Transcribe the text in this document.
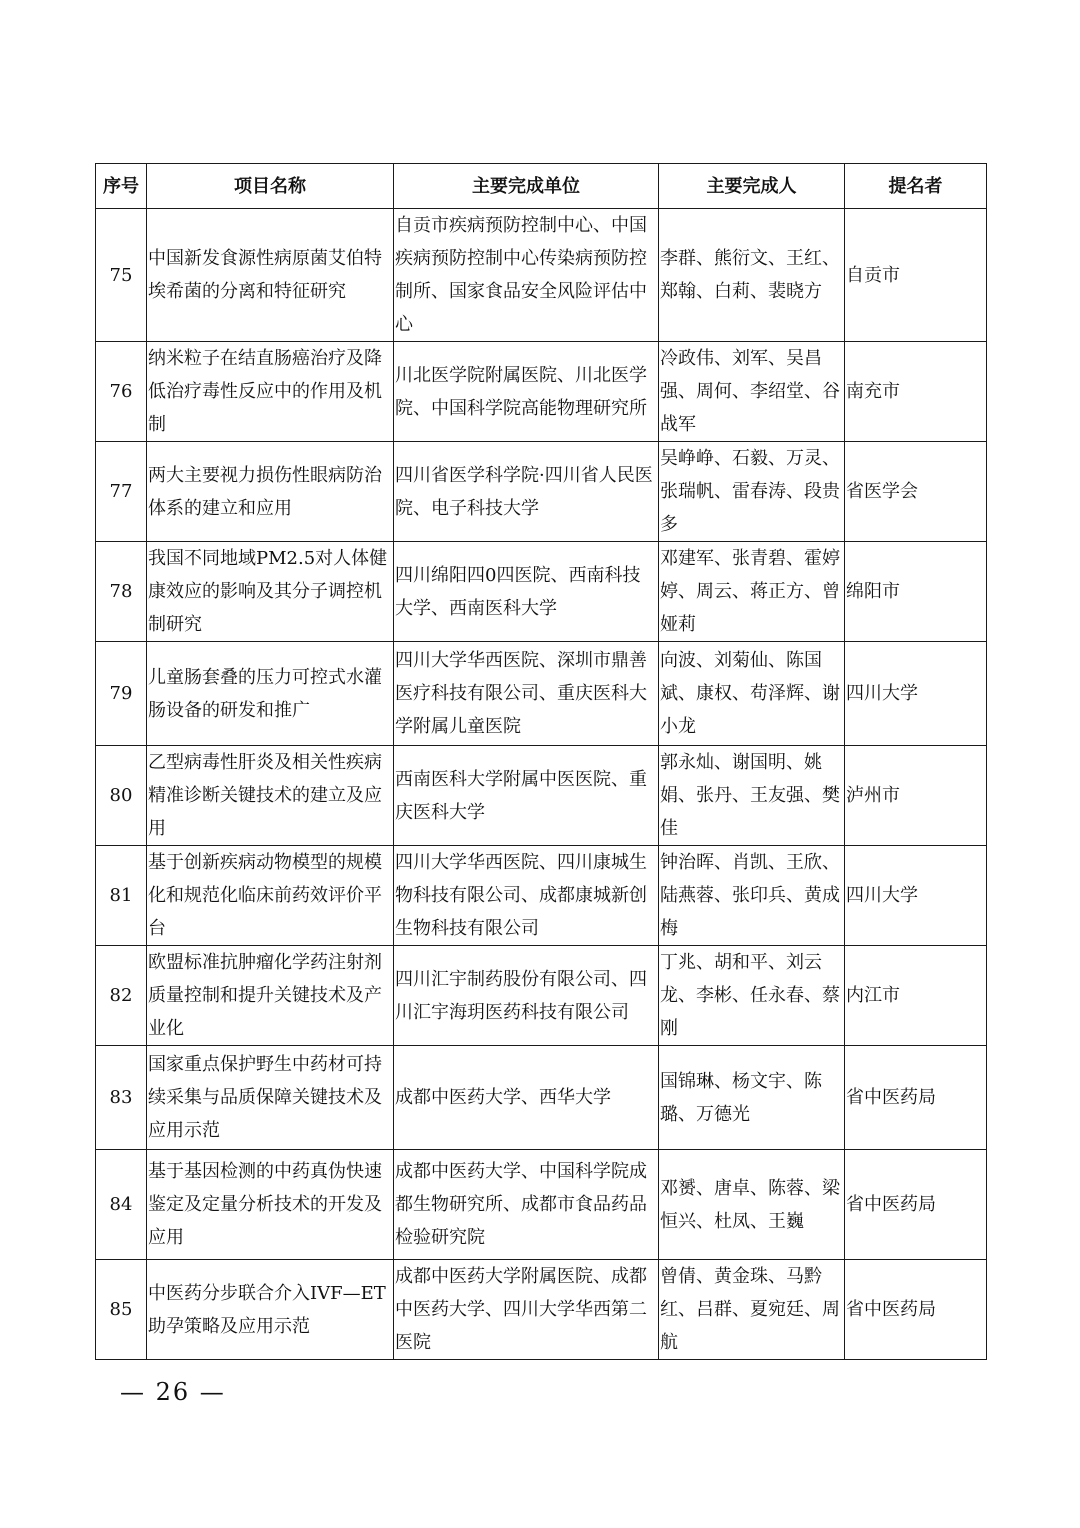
序号	项目名称	主要完成单位	主要完成人	提名者
75	中国新发食源性病原菌艾伯特埃希菌的分离和特征研究	自贡市疾病预防控制中心、中国疾病预防控制中心传染病预防控制所、国家食品安全风险评估中心	李群、熊衍文、王红、郑翰、白莉、裴晓方	自贡市
76	纳米粒子在结直肠癌治疗及降低治疗毒性反应中的作用及机制	川北医学院附属医院、川北医学院、中国科学院高能物理研究所	冷政伟、刘军、吴昌强、周何、李绍堂、谷战军	南充市
77	两大主要视力损伤性眼病防治体系的建立和应用	四川省医学科学院·四川省人民医院、电子科技大学	吴峥峥、石毅、万灵、张瑞帆、雷春涛、段贵多	省医学会
78	我国不同地域PM2.5对人体健康效应的影响及其分子调控机制研究	四川绵阳四0四医院、西南科技大学、西南医科大学	邓建军、张青碧、霍婷婷、周云、蒋正方、曾娅莉	绵阳市
79	儿童肠套叠的压力可控式水灌肠设备的研发和推广	四川大学华西医院、深圳市鼎善医疗科技有限公司、重庆医科大学附属儿童医院	向波、刘菊仙、陈国斌、康权、苟泽辉、谢小龙	四川大学
80	乙型病毒性肝炎及相关性疾病精准诊断关键技术的建立及应用	西南医科大学附属中医医院、重庆医科大学	郭永灿、谢国明、姚娟、张丹、王友强、樊佳	泸州市
81	基于创新疾病动物模型的规模化和规范化临床前药效评价平台	四川大学华西医院、四川康城生物科技有限公司、成都康城新创生物科技有限公司	钟治晖、肖凯、王欣、陆燕蓉、张印兵、黄成梅	四川大学
82	欧盟标准抗肿瘤化学药注射剂质量控制和提升关键技术及产业化	四川汇宇制药股份有限公司、四川汇宇海玥医药科技有限公司	丁兆、胡和平、刘云龙、李彬、任永春、蔡刚	内江市
83	国家重点保护野生中药材可持续采集与品质保障关键技术及应用示范	成都中医药大学、西华大学	国锦琳、杨文宇、陈璐、万德光	省中医药局
84	基于基因检测的中药真伪快速鉴定及定量分析技术的开发及应用	成都中医药大学、中国科学院成都生物研究所、成都市食品药品检验研究院	邓赟、唐卓、陈蓉、梁恒兴、杜凤、王巍	省中医药局
85	中医药分步联合介入IVF—ET助孕策略及应用示范	成都中医药大学附属医院、成都中医药大学、四川大学华西第二医院	曾倩、黄金珠、马黔红、吕群、夏宛廷、周航	省中医药局
— 26 —
